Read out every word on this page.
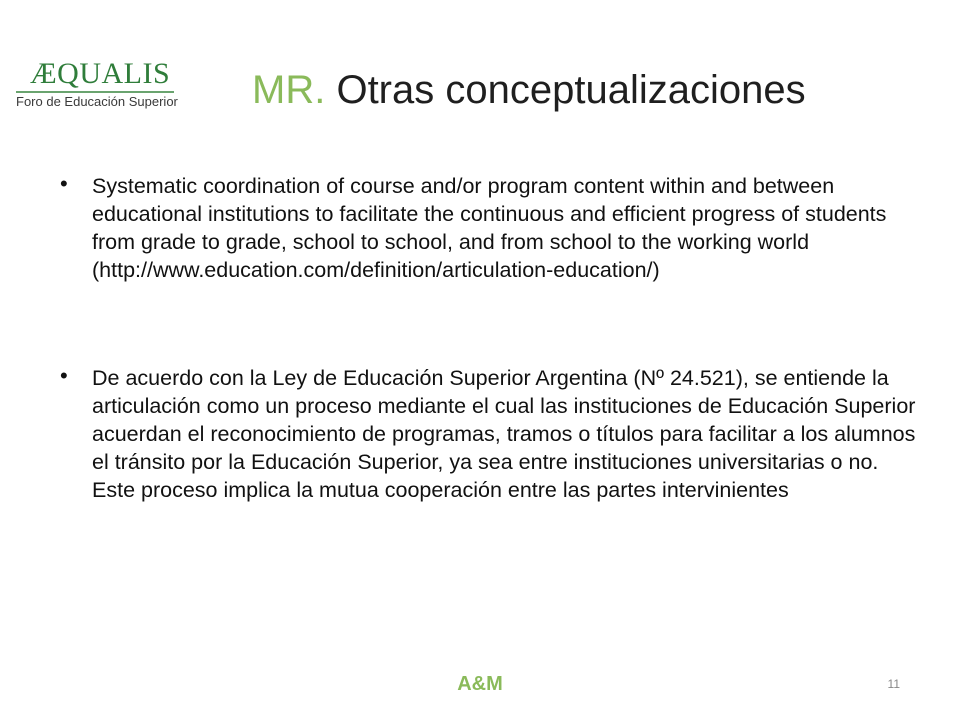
ÆQUALIS
Foro de Educación Superior MR. Otras conceptualizaciones
• Systematic coordination of course and/or program content within and between educational institutions to facilitate the continuous and efficient progress of students from grade to grade, school to school, and from school to the working world (http://www.education.com/definition/articulation-education/)
• De acuerdo con la Ley de Educación Superior Argentina (Nº 24.521), se entiende la articulación como un proceso mediante el cual las instituciones de Educación Superior acuerdan el reconocimiento de programas, tramos o títulos para facilitar a los alumnos el tránsito por la Educación Superior, ya sea entre instituciones universitarias o no. Este proceso implica la mutua cooperación entre las partes intervinientes
A&M	11
